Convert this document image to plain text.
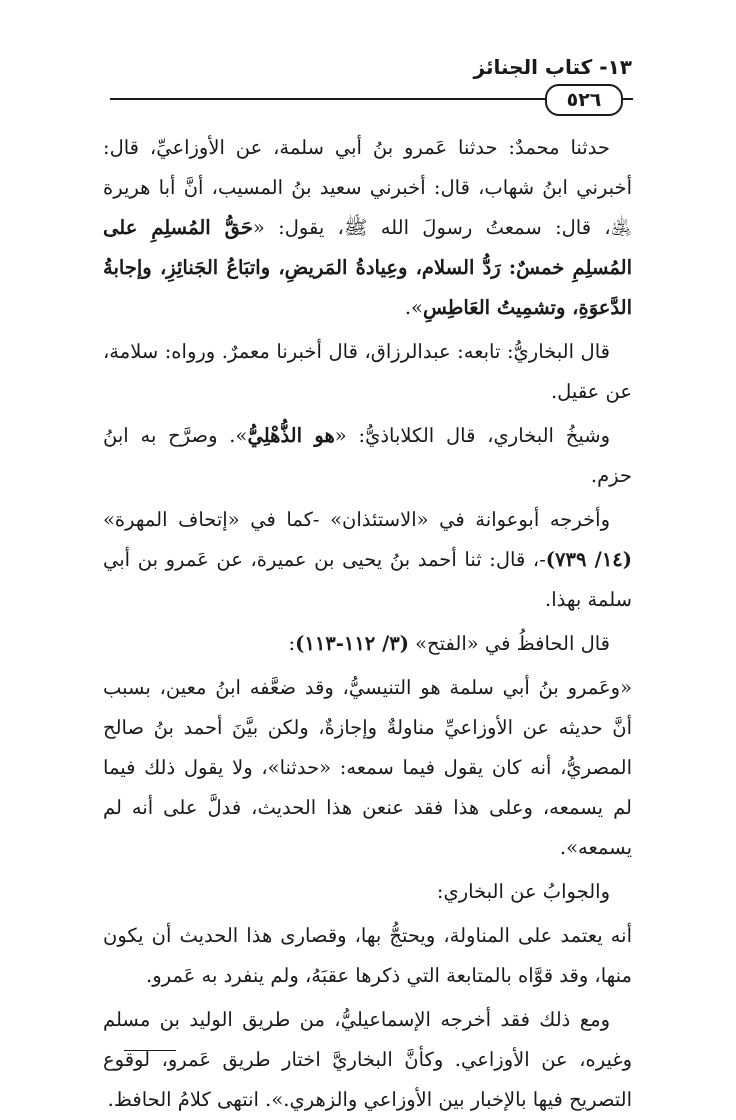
١٣- كتاب الجنائز
٥٢٦

حدثنا محمدٌ: حدثنا عَمرو بنُ أبي سلمة، عن الأوزاعيِّ، قال: أخبرني ابنُ شهاب، قال: أخبرني سعيد بنُ المسيب، أنَّ أبا هريرة ﵁، قال: سمعتُ رسولَ الله ﷺ، يقول: «حَقُّ المُسلِمِ على المُسلِمِ خمسٌ: رَدُّ السلام، وعِيادةُ المَريضِ، واتبَاعُ الجَنائِزِ، وإجابةُ الدَّعوَةِ، وتشمِيتُ العَاطِسِ».

قال البخاريُّ: تابعه: عبدالرزاق، قال أخبرنا معمرٌ. ورواه: سلامة، عن عقيل.

وشيخُ البخاري، قال الكلاباذيُّ: «هو الذُّهْلِيُّ». وصرَّح به ابنُ حزم.

وأخرجه أبوعوانة في «الاستئذان» -كما في «إتحاف المهرة» (١٤/ ٧٣٩)-، قال: ثنا أحمد بنُ يحيى بن عميرة، عن عَمرو بن أبي سلمة بهذا.

قال الحافظُ في «الفتح» (٣/ ١١٢-١١٣):

«وعَمرو بنُ أبي سلمة هو التنيسيُّ، وقد ضعَّفه ابنُ معين، بسبب أنَّ حديثه عن الأوزاعيِّ مناولةٌ وإجازةٌ، ولكن بيَّنَ أحمد بنُ صالح المصريُّ، أنه كان يقول فيما سمعه: «حدثنا»، ولا يقول ذلك فيما لم يسمعه، وعلى هذا فقد عنعن هذا الحديث، فدلَّ على أنه لم يسمعه».

والجوابُ عن البخاري:

أنه يعتمد على المناولة، ويحتجُّ بها، وقصارى هذا الحديث أن يكون منها، وقد قوَّاه بالمتابعة التي ذكرها عقبَهُ، ولم ينفرد به عَمرو.

ومع ذلك فقد أخرجه الإسماعيليُّ، من طريق الوليد بن مسلم وغيره، عن الأوزاعي. وكأنَّ البخاريَّ اختار طريق عَمرو، لوقوع التصريح فيها بالإخبار بين الأوزاعي والزهري.». انتهى كلامُ الحافظ.
